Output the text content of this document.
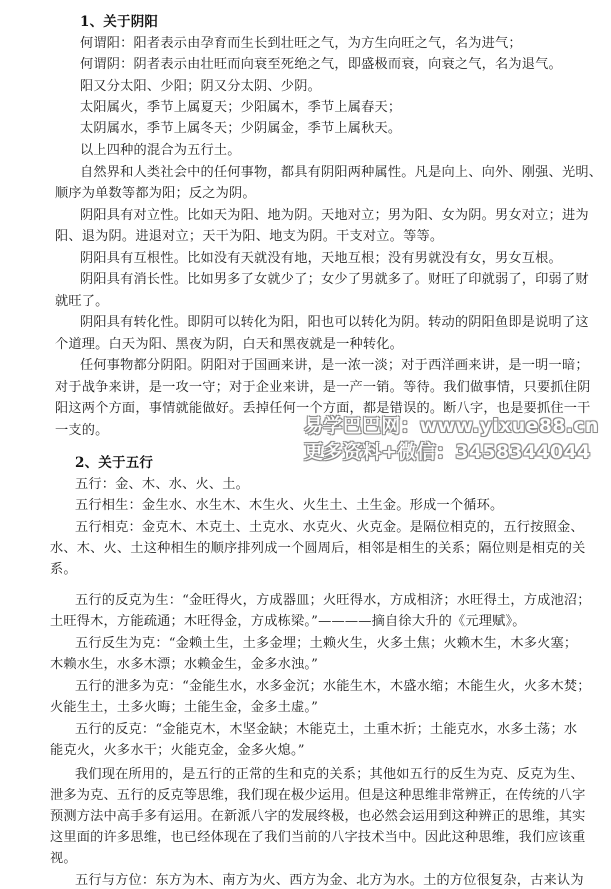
1、关于阴阳
何谓阳：阳者表示由孕育而生长到壮旺之气，为方生向旺之气，名为进气；
何谓阴：阴者表示由壮旺而向衰至死绝之气，即盛极而衰，向衰之气，名为退气。
阳又分太阳、少阳；阴又分太阴、少阴。
太阳属火，季节上属夏天；少阳属木，季节上属春天；
太阴属水，季节上属冬天；少阴属金，季节上属秋天。
以上四种的混合为五行土。
自然界和人类社会中的任何事物，都具有阴阳两种属性。凡是向上、向外、刚强、光明、
顺序为单数等都为阳；反之为阴。
阴阳具有对立性。比如天为阳、地为阴。天地对立；男为阳、女为阴。男女对立；进为
阳、退为阴。进退对立；天干为阳、地支为阴。干支对立。等等。
阴阳具有互根性。比如没有天就没有地，天地互根；没有男就没有女，男女互根。
阴阳具有消长性。比如男多了女就少了；女少了男就多了。财旺了印就弱了，印弱了财
就旺了。
阴阳具有转化性。即阴可以转化为阳，阳也可以转化为阴。转动的阴阳鱼即是说明了这
个道理。白天为阳、黑夜为阴，白天和黑夜就是一种转化。
任何事物都分阴阳。阴阳对于国画来讲，是一浓一淡；对于西洋画来讲，是一明一暗；
对于战争来讲，是一攻一守；对于企业来讲，是一产一销。等待。我们做事情，只要抓住阴
阳这两个方面，事情就能做好。丢掉任何一个方面，都是错误的。断八字，也是要抓住一干
一支的。
2、关于五行
五行：金、木、水、火、土。
五行相生：金生水、水生木、木生火、火生土、土生金。形成一个循环。
五行相克：金克木、木克土、土克水、水克火、火克金。是隔位相克的，五行按照金、
水、木、火、土这种相生的顺序排列成一个圆周后，相邻是相生的关系；隔位则是相克的关
系。
五行的反克为生：“金旺得火，方成器皿；火旺得水，方成相济；水旺得土，方成池沼；
土旺得木，方能疏通；木旺得金，方成栋梁。”————摘自徐大升的《元理赋》。
五行反生为克：“金赖土生，土多金埋；土赖火生，火多土焦；火赖木生，木多火塞；
木赖水生，水多木漂；水赖金生，金多水浊。”
五行的泄多为克：“金能生水，水多金沉；水能生木，木盛水缩；木能生火，火多木焚；
火能生土，土多火晦；土能生金，金多土虚。”
五行的反克：“金能克木，木坚金缺；木能克土，土重木折；土能克水，水多土荡；水
能克火，火多水干；火能克金，金多火熄。”
我们现在所用的，是五行的正常的生和克的关系；其他如五行的反生为克、反克为生、
泄多为克、五行的反克等思维，我们现在极少运用。但是这种思维非常辨正，在传统的八字
预测方法中高手多有运用。在新派八字的发展终极，也必然会运用到这种辨正的思维，其实
这里面的许多思维，也已经体现在了我们当前的八字技术当中。因此这种思维，我们应该重
视。
五行与方位：东方为木、南方为火、西方为金、北方为水。土的方位很复杂，古来认为
易学巴巴网：www.yixue88.cn
更多资料+微信：3458344044
